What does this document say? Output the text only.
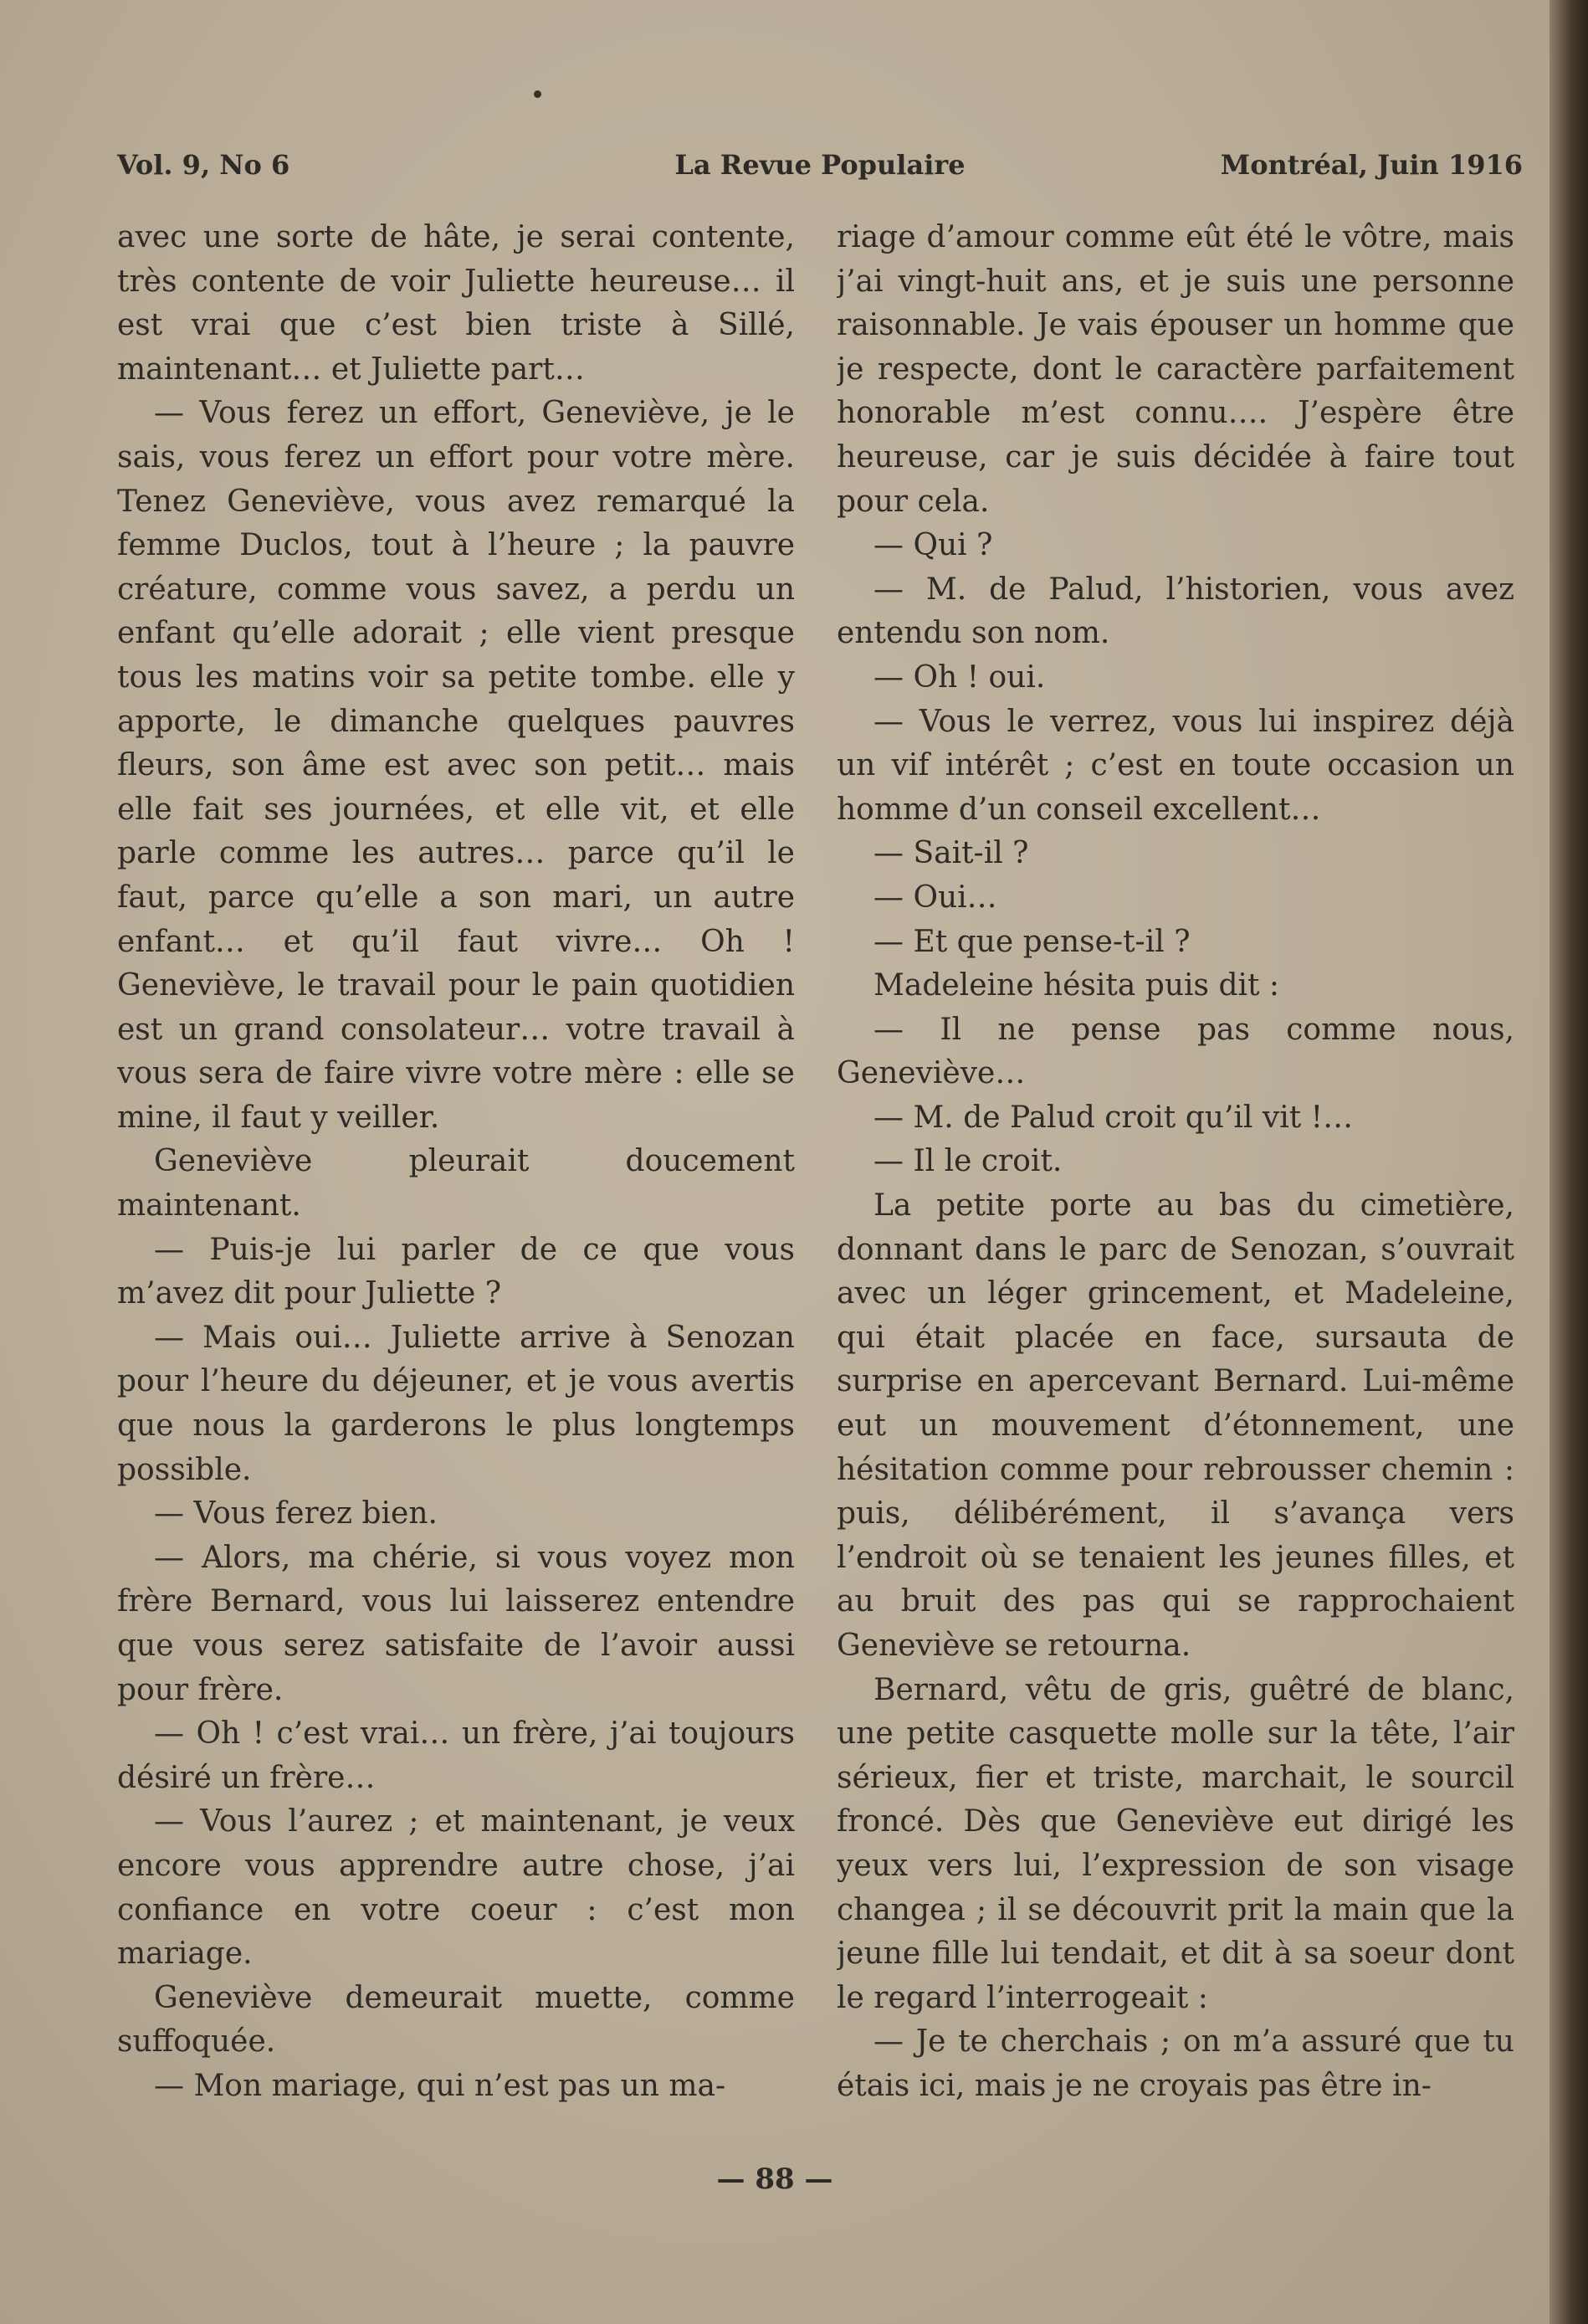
Vol. 9, No 6	La Revue Populaire	Montréal, Juin 1916

avec une sorte de hâte, je serai contente, très contente de voir Juliette heureuse… il est vrai que c’est bien triste à Sillé, maintenant… et Juliette part…

— Vous ferez un effort, Geneviève, je le sais, vous ferez un effort pour votre mère. Tenez Geneviève, vous avez remarqué la femme Duclos, tout à l’heure ; la pauvre créature, comme vous savez, a perdu un enfant qu’elle adorait ; elle vient presque tous les matins voir sa petite tombe. elle y apporte, le dimanche quelques pauvres fleurs, son âme est avec son petit… mais elle fait ses journées, et elle vit, et elle parle comme les autres… parce qu’il le faut, parce qu’elle a son mari, un autre enfant… et qu’il faut vivre… Oh ! Geneviève, le travail pour le pain quotidien est un grand consolateur… votre travail à vous sera de faire vivre votre mère : elle se mine, il faut y veiller.

Geneviève pleurait doucement maintenant.

— Puis-je lui parler de ce que vous m’avez dit pour Juliette ?

— Mais oui… Juliette arrive à Senozan pour l’heure du déjeuner, et je vous avertis que nous la garderons le plus longtemps possible.

— Vous ferez bien.

— Alors, ma chérie, si vous voyez mon frère Bernard, vous lui laisserez entendre que vous serez satisfaite de l’avoir aussi pour frère.

— Oh ! c’est vrai… un frère, j’ai toujours désiré un frère…

— Vous l’aurez ; et maintenant, je veux encore vous apprendre autre chose, j’ai confiance en votre coeur : c’est mon mariage.

Geneviève demeurait muette, comme suffoquée.

— Mon mariage, qui n’est pas un ma-

riage d’amour comme eût été le vôtre, mais j’ai vingt-huit ans, et je suis une personne raisonnable. Je vais épouser un homme que je respecte, dont le caractère parfaitement honorable m’est connu…. J’espère être heureuse, car je suis décidée à faire tout pour cela.

— Qui ?

— M. de Palud, l’historien, vous avez entendu son nom.

— Oh ! oui.

— Vous le verrez, vous lui inspirez déjà un vif intérêt ; c’est en toute occasion un homme d’un conseil excellent…

— Sait-il ?

— Oui…

— Et que pense-t-il ?

Madeleine hésita puis dit :

— Il ne pense pas comme nous, Geneviève…

— M. de Palud croit qu’il vit !…

— Il le croit.

La petite porte au bas du cimetière, donnant dans le parc de Senozan, s’ouvrait avec un léger grincement, et Madeleine, qui était placée en face, sursauta de surprise en apercevant Bernard. Lui-même eut un mouvement d’étonnement, une hésitation comme pour rebrousser chemin : puis, délibérément, il s’avança vers l’endroit où se tenaient les jeunes filles, et au bruit des pas qui se rapprochaient Geneviève se retourna.

Bernard, vêtu de gris, guêtré de blanc, une petite casquette molle sur la tête, l’air sérieux, fier et triste, marchait, le sourcil froncé. Dès que Geneviève eut dirigé les yeux vers lui, l’expression de son visage changea ; il se découvrit prit la main que la jeune fille lui tendait, et dit à sa soeur dont le regard l’interrogeait :

— Je te cherchais ; on m’a assuré que tu étais ici, mais je ne croyais pas être in-

— 88 —
